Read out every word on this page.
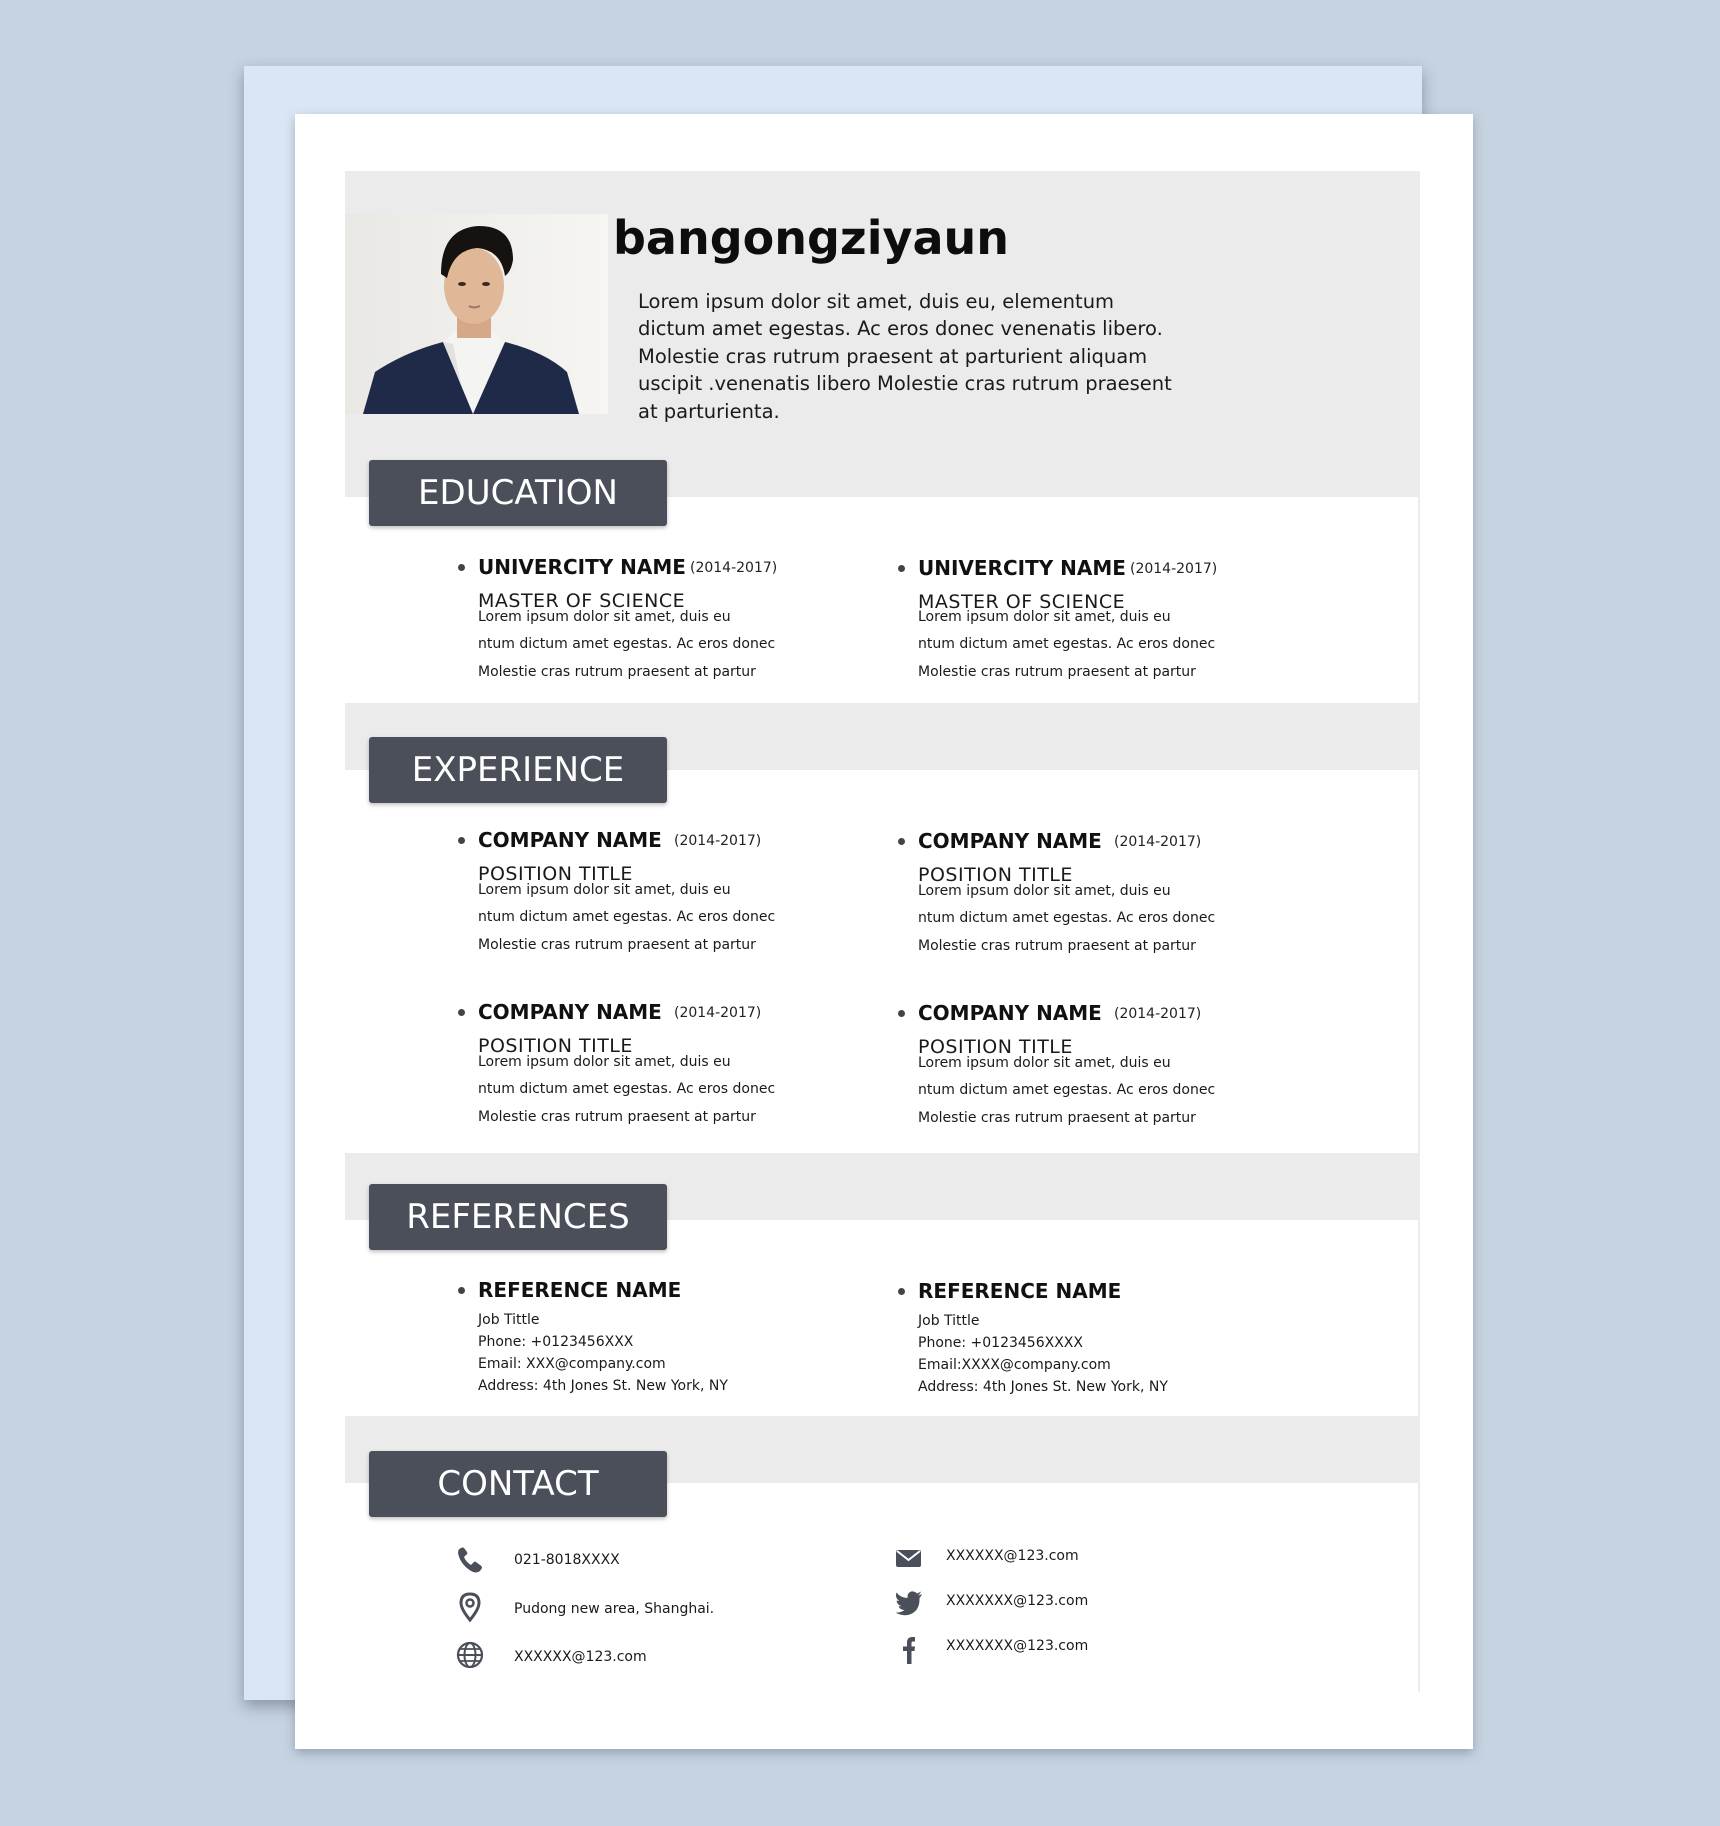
bangongziyaun
Lorem ipsum dolor sit amet, duis eu, elementum dictum amet egestas. Ac eros donec venenatis libero. Molestie cras rutrum praesent at parturient aliquam uscipit .venenatis libero Molestie cras rutrum praesent at parturienta.
EDUCATION
UNIVERCITY NAME (2014-2017)
Lorem ipsum dolor sit amet, duis eu
ntum dictum amet egestas. Ac eros donec
Molestie cras rutrum praesent at partur
UNIVERCITY NAME (2014-2017)
Lorem ipsum dolor sit amet, duis eu
ntum dictum amet egestas. Ac eros donec
Molestie cras rutrum praesent at partur
EXPERIENCE
COMPANY NAME (2014-2017)
Lorem ipsum dolor sit amet, duis eu
ntum dictum amet egestas. Ac eros donec
Molestie cras rutrum praesent at partur
COMPANY NAME (2014-2017)
Lorem ipsum dolor sit amet, duis eu
ntum dictum amet egestas. Ac eros donec
Molestie cras rutrum praesent at partur
COMPANY NAME (2014-2017)
Lorem ipsum dolor sit amet, duis eu
ntum dictum amet egestas. Ac eros donec
Molestie cras rutrum praesent at partur
COMPANY NAME (2014-2017)
Lorem ipsum dolor sit amet, duis eu
ntum dictum amet egestas. Ac eros donec
Molestie cras rutrum praesent at partur
REFERENCES
REFERENCE NAME
Job Tittle
Phone: +0123456XXX
Email: XXX@company.com
Address: 4th Jones St. New York, NY
REFERENCE NAME
Job Tittle
Phone: +0123456XXXX
Email:XXXX@company.com
Address: 4th Jones St. New York, NY
CONTACT
021-8018XXXX
Pudong new area, Shanghai.
XXXXXX@123.com
XXXXXX@123.com
XXXXXXX@123.com
XXXXXXX@123.com
